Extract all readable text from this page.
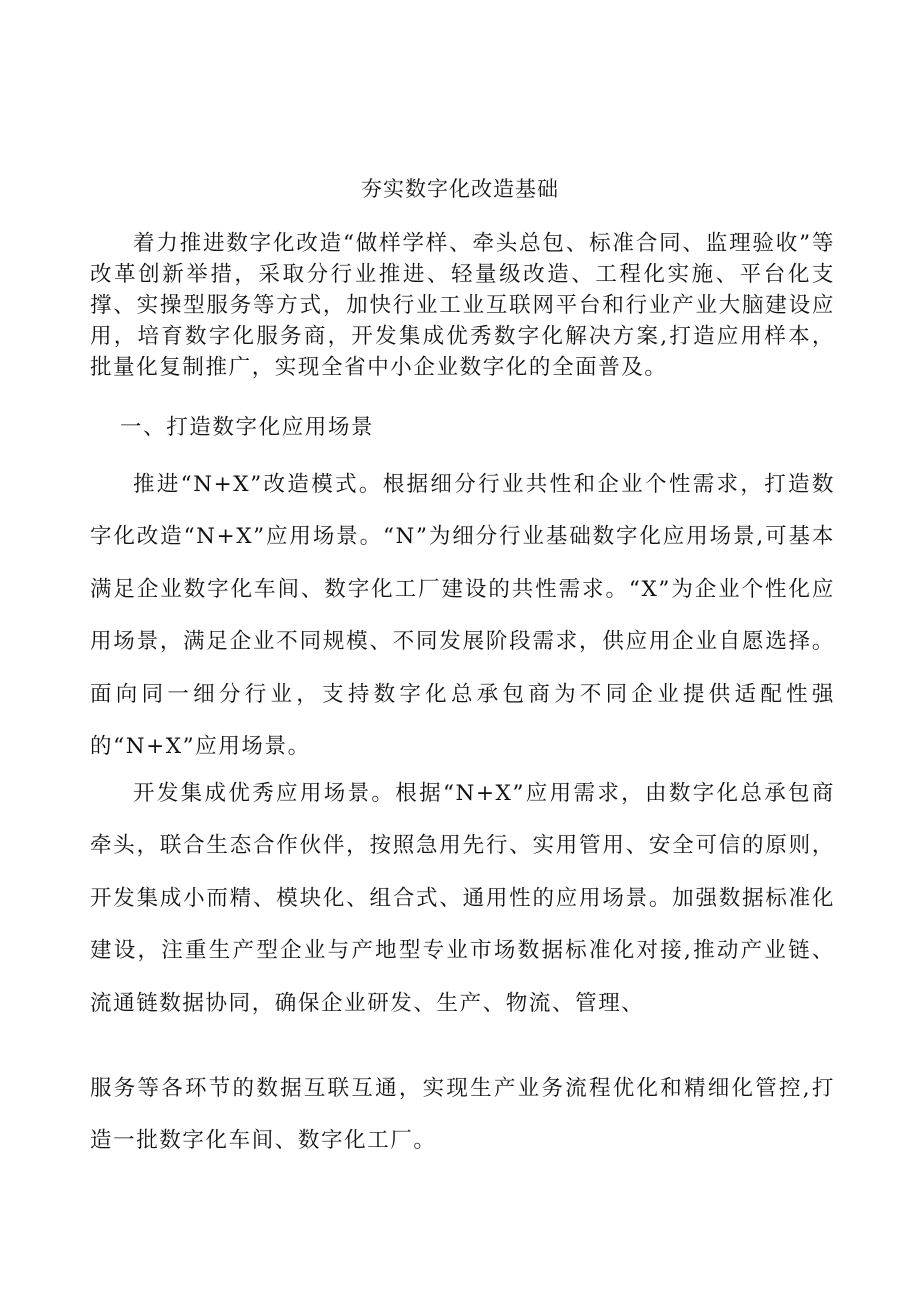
夯实数字化改造基础

着力推进数字化改造“做样学样、牵头总包、标准合同、监理验收”等改革创新举措，采取分行业推进、轻量级改造、工程化实施、平台化支撑、实操型服务等方式，加快行业工业互联网平台和行业产业大脑建设应用，培育数字化服务商，开发集成优秀数字化解决方案,打造应用样本，批量化复制推广，实现全省中小企业数字化的全面普及。

一、打造数字化应用场景

推进“N+X”改造模式。根据细分行业共性和企业个性需求，打造数字化改造“N+X”应用场景。“N”为细分行业基础数字化应用场景,可基本满足企业数字化车间、数字化工厂建设的共性需求。“X”为企业个性化应用场景，满足企业不同规模、不同发展阶段需求，供应用企业自愿选择。面向同一细分行业，支持数字化总承包商为不同企业提供适配性强的“N+X”应用场景。

开发集成优秀应用场景。根据“N+X”应用需求，由数字化总承包商牵头，联合生态合作伙伴，按照急用先行、实用管用、安全可信的原则，开发集成小而精、模块化、组合式、通用性的应用场景。加强数据标准化建设，注重生产型企业与产地型专业市场数据标准化对接,推动产业链、流通链数据协同，确保企业研发、生产、物流、管理、

服务等各环节的数据互联互通，实现生产业务流程优化和精细化管控,打造一批数字化车间、数字化工厂。
